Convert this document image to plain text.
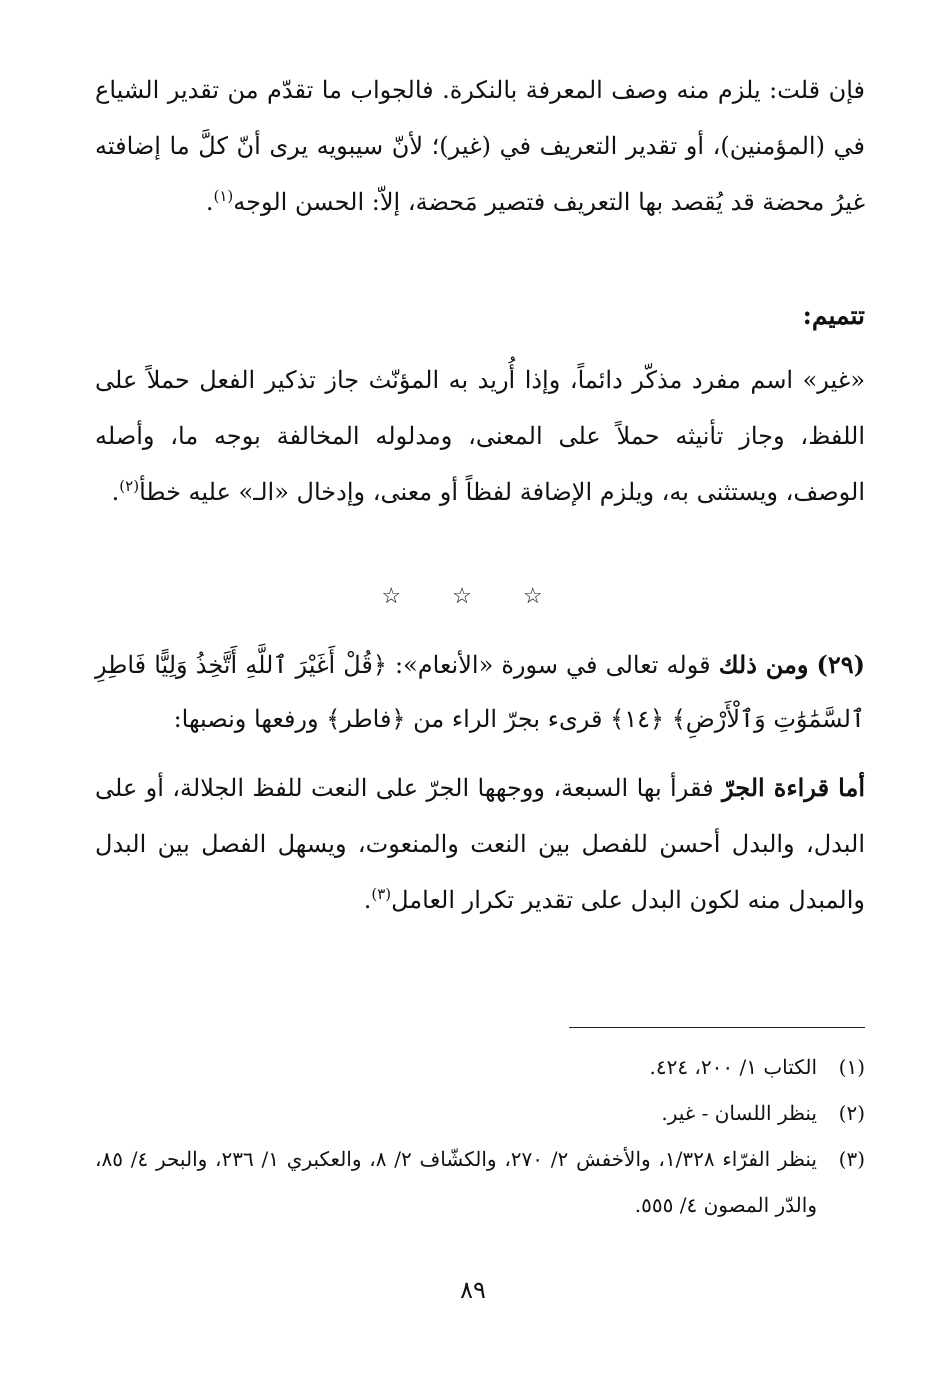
فإن قلت: يلزم منه وصف المعرفة بالنكرة. فالجواب ما تقدّم من تقدير الشياع في (المؤمنين)، أو تقدير التعريف في (غير)؛ لأنّ سيبويه يرى أنّ كلَّ ما إضافته غيرُ محضة قد يُقصد بها التعريف فتصير مَحضة، إلاّ: الحسن الوجه$^{(١)}$.
تتميم:
«غير» اسم مفرد مذكّر دائماً، وإذا أُريد به المؤنّث جاز تذكير الفعل حملاً على اللفظ، وجاز تأنيثه حملاً على المعنى، ومدلوله المخالفة بوجه ما، وأصله الوصف، ويستثنى به، ويلزم الإضافة لفظاً أو معنى، وإدخال «الـ» عليه خطأ$^{(٢)}$.
☆ ☆ ☆
(٢٩) ومن ذلك قوله تعالى في سورة «الأنعام»: ﴿قُلْ أَغَيْرَ ٱللَّهِ أَتَّخِذُ وَلِيًّا فَاطِرِ ٱلسَّمَٰوَٰتِ وَٱلْأَرْضِ﴾ ﴿١٤﴾ قرىء بجرّ الراء من ﴿فاطر﴾ ورفعها ونصبها:
أما قراءة الجرّ فقرأ بها السبعة، ووجهها الجرّ على النعت للفظ الجلالة، أو على البدل، والبدل أحسن للفصل بين النعت والمنعوت، ويسهل الفصل بين البدل والمبدل منه لكون البدل على تقدير تكرار العامل$^{(٣)}$.
(١)
الكتاب ١/ ٢٠٠، ٤٢٤.
(٢)
ينظر اللسان - غير.
(٣)
ينظر الفرّاء ١/٣٢٨، والأخفش ٢/ ٢٧٠، والكشّاف ٢/ ٨، والعكبري ١/ ٢٣٦، والبحر ٤/ ٨٥، والدّر المصون ٤/ ٥٥٥.
٨٩
